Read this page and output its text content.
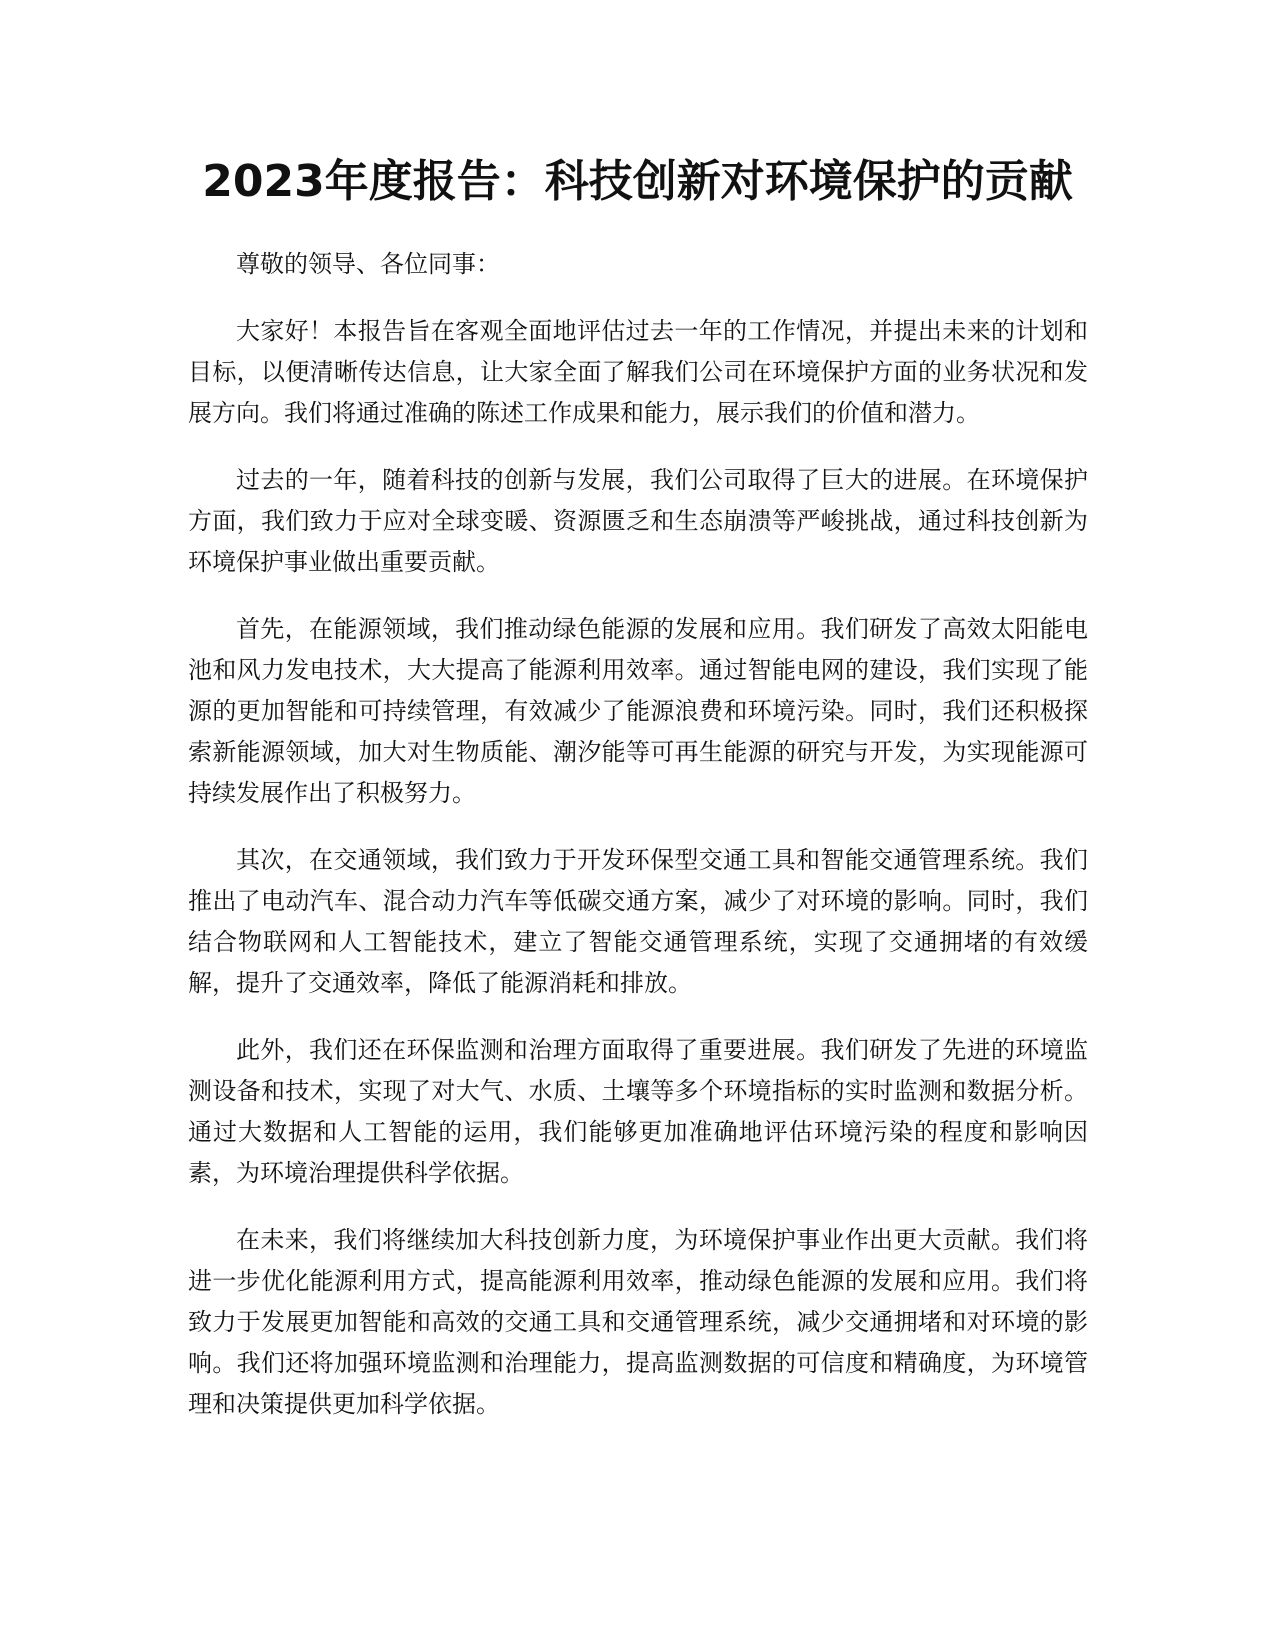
2023年度报告：科技创新对环境保护的贡献

尊敬的领导、各位同事：

大家好！本报告旨在客观全面地评估过去一年的工作情况，并提出未来的计划和目标，以便清晰传达信息，让大家全面了解我们公司在环境保护方面的业务状况和发展方向。我们将通过准确的陈述工作成果和能力，展示我们的价值和潜力。

过去的一年，随着科技的创新与发展，我们公司取得了巨大的进展。在环境保护方面，我们致力于应对全球变暖、资源匮乏和生态崩溃等严峻挑战，通过科技创新为环境保护事业做出重要贡献。

首先，在能源领域，我们推动绿色能源的发展和应用。我们研发了高效太阳能电池和风力发电技术，大大提高了能源利用效率。通过智能电网的建设，我们实现了能源的更加智能和可持续管理，有效减少了能源浪费和环境污染。同时，我们还积极探索新能源领域，加大对生物质能、潮汐能等可再生能源的研究与开发，为实现能源可持续发展作出了积极努力。

其次，在交通领域，我们致力于开发环保型交通工具和智能交通管理系统。我们推出了电动汽车、混合动力汽车等低碳交通方案，减少了对环境的影响。同时，我们结合物联网和人工智能技术，建立了智能交通管理系统，实现了交通拥堵的有效缓解，提升了交通效率，降低了能源消耗和排放。

此外，我们还在环保监测和治理方面取得了重要进展。我们研发了先进的环境监测设备和技术，实现了对大气、水质、土壤等多个环境指标的实时监测和数据分析。通过大数据和人工智能的运用，我们能够更加准确地评估环境污染的程度和影响因素，为环境治理提供科学依据。

在未来，我们将继续加大科技创新力度，为环境保护事业作出更大贡献。我们将进一步优化能源利用方式，提高能源利用效率，推动绿色能源的发展和应用。我们将致力于发展更加智能和高效的交通工具和交通管理系统，减少交通拥堵和对环境的影响。我们还将加强环境监测和治理能力，提高监测数据的可信度和精确度，为环境管理和决策提供更加科学依据。
